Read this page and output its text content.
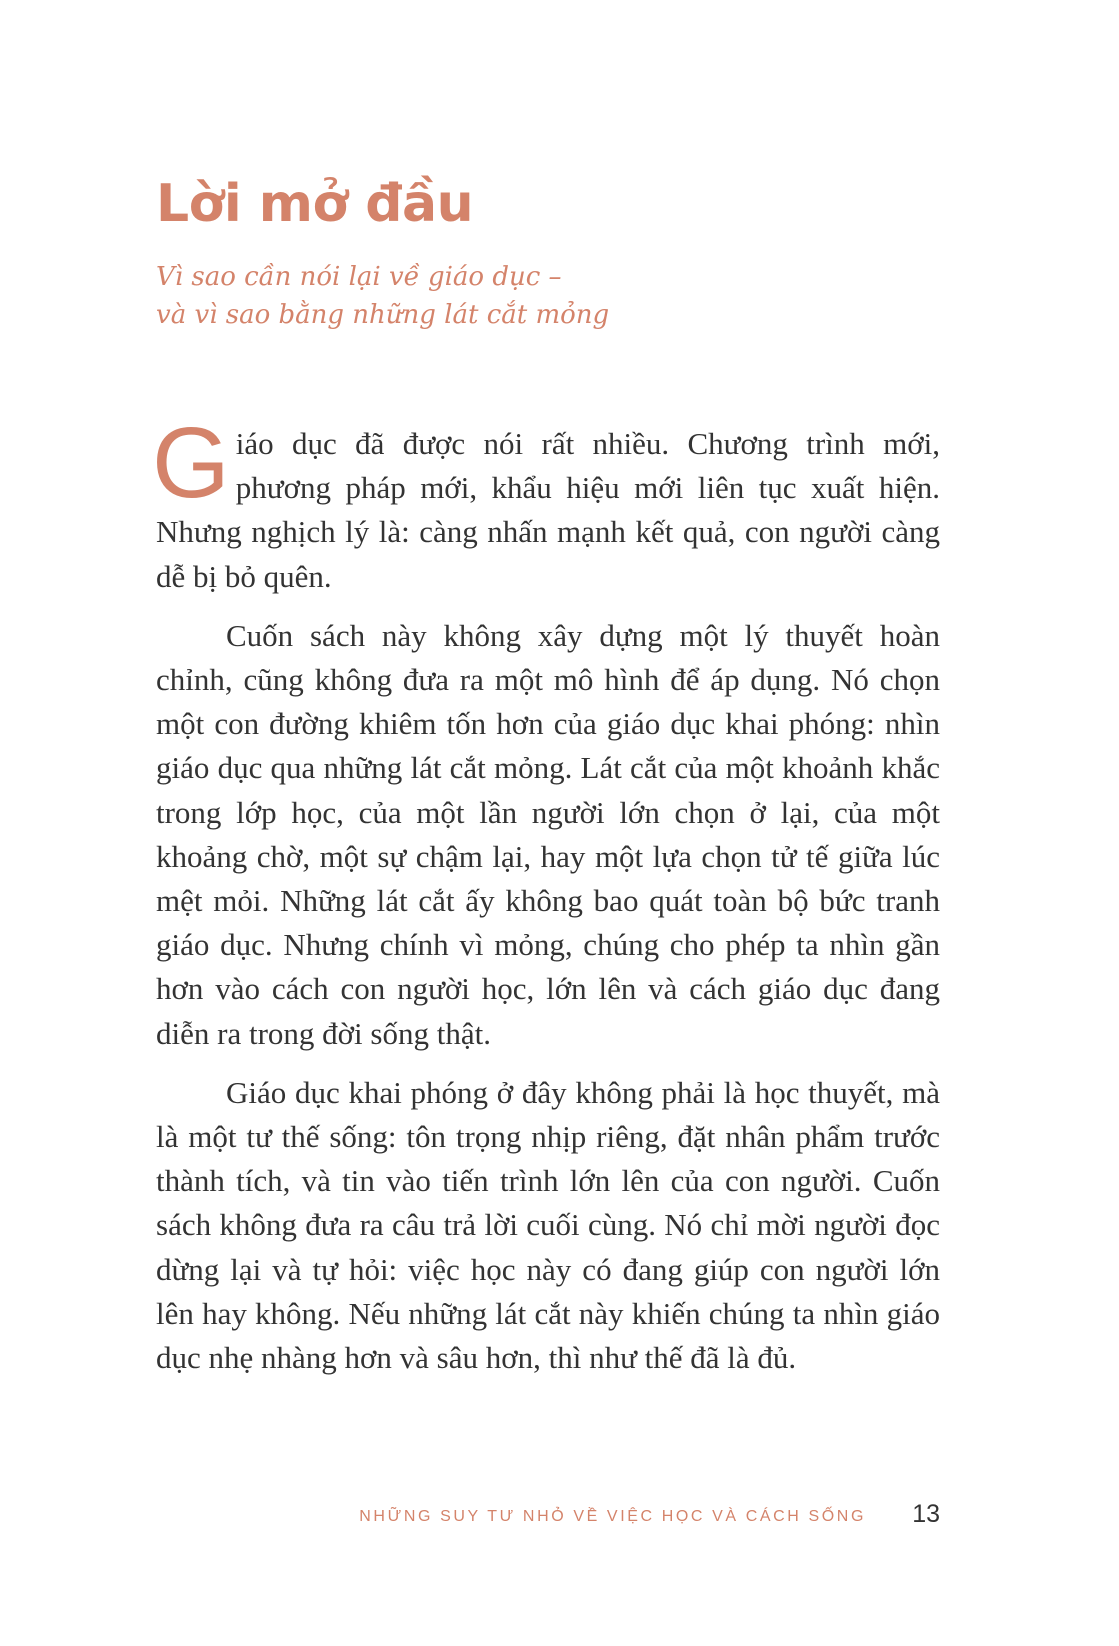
Lời mở đầu
Vì sao cần nói lại về giáo dục –
và vì sao bằng những lát cắt mỏng

Giáo dục đã được nói rất nhiều. Chương trình mới, phương pháp mới, khẩu hiệu mới liên tục xuất hiện. Nhưng nghịch lý là: càng nhấn mạnh kết quả, con người càng dễ bị bỏ quên.

Cuốn sách này không xây dựng một lý thuyết hoàn chỉnh, cũng không đưa ra một mô hình để áp dụng. Nó chọn một con đường khiêm tốn hơn của giáo dục khai phóng: nhìn giáo dục qua những lát cắt mỏng. Lát cắt của một khoảnh khắc trong lớp học, của một lần người lớn chọn ở lại, của một khoảng chờ, một sự chậm lại, hay một lựa chọn tử tế giữa lúc mệt mỏi. Những lát cắt ấy không bao quát toàn bộ bức tranh giáo dục. Nhưng chính vì mỏng, chúng cho phép ta nhìn gần hơn vào cách con người học, lớn lên và cách giáo dục đang diễn ra trong đời sống thật.

Giáo dục khai phóng ở đây không phải là học thuyết, mà là một tư thế sống: tôn trọng nhịp riêng, đặt nhân phẩm trước thành tích, và tin vào tiến trình lớn lên của con người. Cuốn sách không đưa ra câu trả lời cuối cùng. Nó chỉ mời người đọc dừng lại và tự hỏi: việc học này có đang giúp con người lớn lên hay không. Nếu những lát cắt này khiến chúng ta nhìn giáo dục nhẹ nhàng hơn và sâu hơn, thì như thế đã là đủ.

NHỮNG SUY TƯ NHỎ VỀ VIỆC HỌC VÀ CÁCH SỐNG 13
